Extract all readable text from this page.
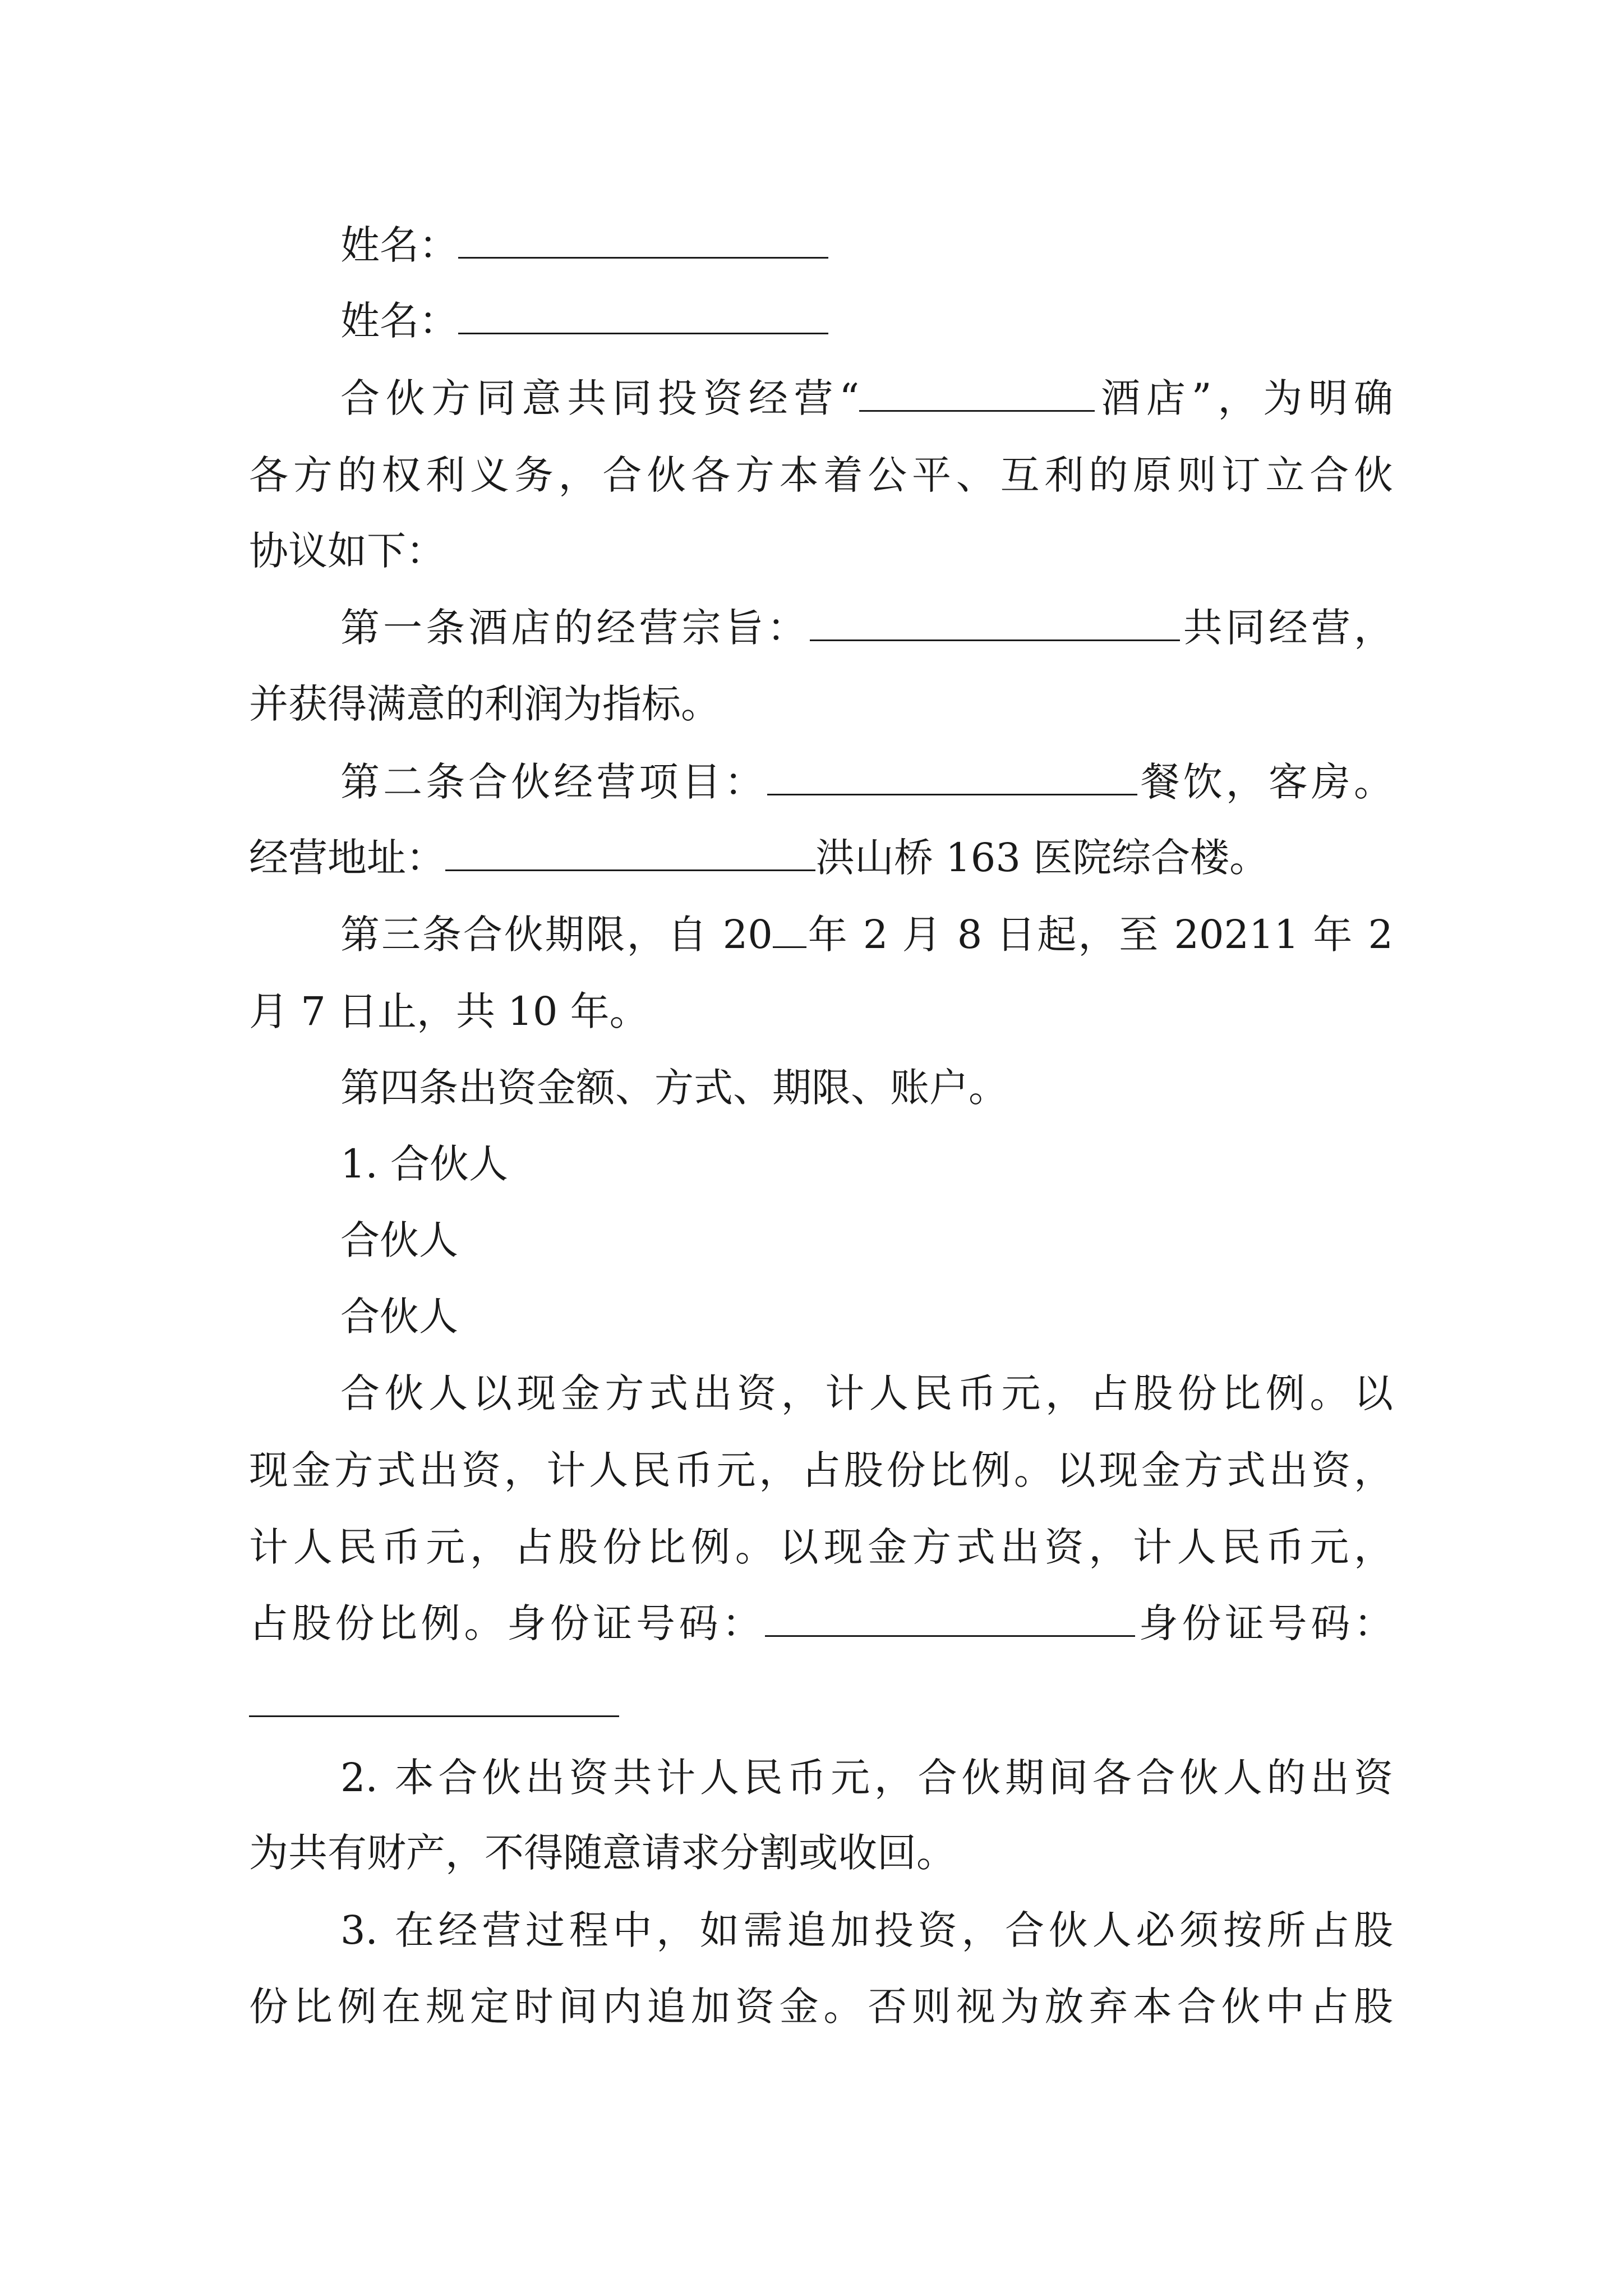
姓名：
姓名：
合伙方同意共同投资经营“	酒店”，为明确
各方的权利义务，合伙各方本着公平、互利的原则订立合伙
协议如下：
第一条酒店的经营宗旨：	共同经营，
并获得满意的利润为指标。
第二条合伙经营项目：	餐饮，客房。
经营地址：	洪山桥 163 医院综合楼。
第三条合伙期限，自 20 年 2 月 8 日起，至 20211 年 2
月 7 日止，共 10 年。
第四条出资金额、方式、期限、账户。
1. 合伙人
合伙人
合伙人
合伙人以现金方式出资，计人民币元，占股份比例。以
现金方式出资，计人民币元，占股份比例。以现金方式出资，
计人民币元，占股份比例。以现金方式出资，计人民币元，
占股份比例。身份证号码：	身份证号码：
2. 本合伙出资共计人民币元，合伙期间各合伙人的出资
为共有财产，不得随意请求分割或收回。
3. 在经营过程中，如需追加投资，合伙人必须按所占股
份比例在规定时间内追加资金。否则视为放弃本合伙中占股
